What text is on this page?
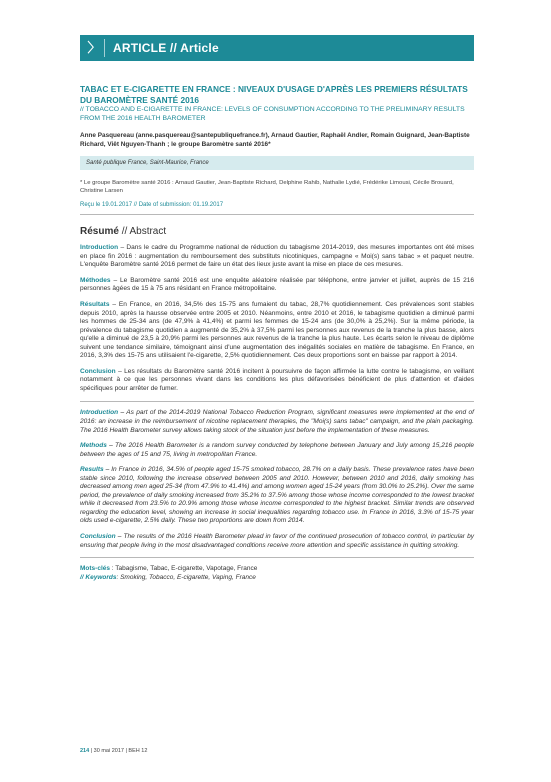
〉	ARTICLE // Article
TABAC ET E-CIGARETTE EN FRANCE : NIVEAUX D'USAGE D'APRÈS LES PREMIERS RÉSULTATS DU BAROMÈTRE SANTÉ 2016
// TOBACCO AND E-CIGARETTE IN FRANCE: LEVELS OF CONSUMPTION ACCORDING TO THE PRELIMINARY RESULTS FROM THE 2016 HEALTH BAROMETER
Anne Pasquereau (anne.pasquereau@santepubliquefrance.fr), Arnaud Gautier, Raphaël Andler, Romain Guignard, Jean-Baptiste Richard, Viêt Nguyen-Thanh ; le groupe Baromètre santé 2016*
Santé publique France, Saint-Maurice, France
* Le groupe Baromètre santé 2016 : Arnaud Gautier, Jean-Baptiste Richard, Delphine Rahib, Nathalie Lydié, Frédérike Limousi, Cécile Brouard, Christine Larsen
Reçu le 19.01.2017 // Date of submission: 01.19.2017
Résumé // Abstract
Introduction – Dans le cadre du Programme national de réduction du tabagisme 2014-2019, des mesures importantes ont été mises en place fin 2016 : augmentation du remboursement des substituts nicotiniques, campagne « Moi(s) sans tabac » et paquet neutre. L'enquête Baromètre santé 2016 permet de faire un état des lieux juste avant la mise en place de ces mesures.
Méthodes – Le Baromètre santé 2016 est une enquête aléatoire réalisée par téléphone, entre janvier et juillet, auprès de 15 216 personnes âgées de 15 à 75 ans résidant en France métropolitaine.
Résultats – En France, en 2016, 34,5% des 15-75 ans fumaient du tabac, 28,7% quotidiennement. Ces prévalences sont stables depuis 2010, après la hausse observée entre 2005 et 2010. Néanmoins, entre 2010 et 2016, le tabagisme quotidien a diminué parmi les hommes de 25-34 ans (de 47,9% à 41,4%) et parmi les femmes de 15-24 ans (de 30,0% à 25,2%). Sur la même période, la prévalence du tabagisme quotidien a augmenté de 35,2% à 37,5% parmi les personnes aux revenus de la tranche la plus basse, alors qu'elle a diminué de 23,5 à 20,9% parmi les personnes aux revenus de la tranche la plus haute. Les écarts selon le niveau de diplôme suivent une tendance similaire, témoignant ainsi d'une augmentation des inégalités sociales en matière de tabagisme. En France, en 2016, 3,3% des 15-75 ans utilisaient l'e-cigarette, 2,5% quotidiennement. Ces deux proportions sont en baisse par rapport à 2014.
Conclusion – Les résultats du Baromètre santé 2016 incitent à poursuivre de façon affirmée la lutte contre le tabagisme, en veillant notamment à ce que les personnes vivant dans les conditions les plus défavorisées bénéficient de plus d'attention et d'aides spécifiques pour arrêter de fumer.
Introduction – As part of the 2014-2019 National Tobacco Reduction Program, significant measures were implemented at the end of 2016: an increase in the reimbursement of nicotine replacement therapies, the "Moi(s) sans tabac" campaign, and the plain packaging. The 2016 Health Barometer survey allows taking stock of the situation just before the implementation of these measures.
Methods – The 2016 Health Barometer is a random survey conducted by telephone between January and July among 15,216 people between the ages of 15 and 75, living in metropolitan France.
Results – In France in 2016, 34.5% of people aged 15-75 smoked tobacco, 28.7% on a daily basis. These prevalence rates have been stable since 2010, following the increase observed between 2005 and 2010. However, between 2010 and 2016, daily smoking has decreased among men aged 25-34 (from 47.9% to 41.4%) and among women aged 15-24 years (from 30.0% to 25.2%). Over the same period, the prevalence of daily smoking increased from 35.2% to 37.5% among those whose income corresponded to the lowest bracket while it decreased from 23.5% to 20.9% among those whose income corresponded to the highest bracket. Similar trends are observed regarding the education level, showing an increase in social inequalities regarding tobacco use. In France in 2016, 3.3% of 15-75 year olds used e-cigarette, 2.5% daily. These two proportions are down from 2014.
Conclusion – The results of the 2016 Health Barometer plead in favor of the continued prosecution of tobacco control, in particular by ensuring that people living in the most disadvantaged conditions receive more attention and specific assistance in quitting smoking.
Mots-clés : Tabagisme, Tabac, E-cigarette, Vapotage, France
// Keywords: Smoking, Tobacco, E-cigarette, Vaping, France
214 | 30 mai 2017 | BEH 12
